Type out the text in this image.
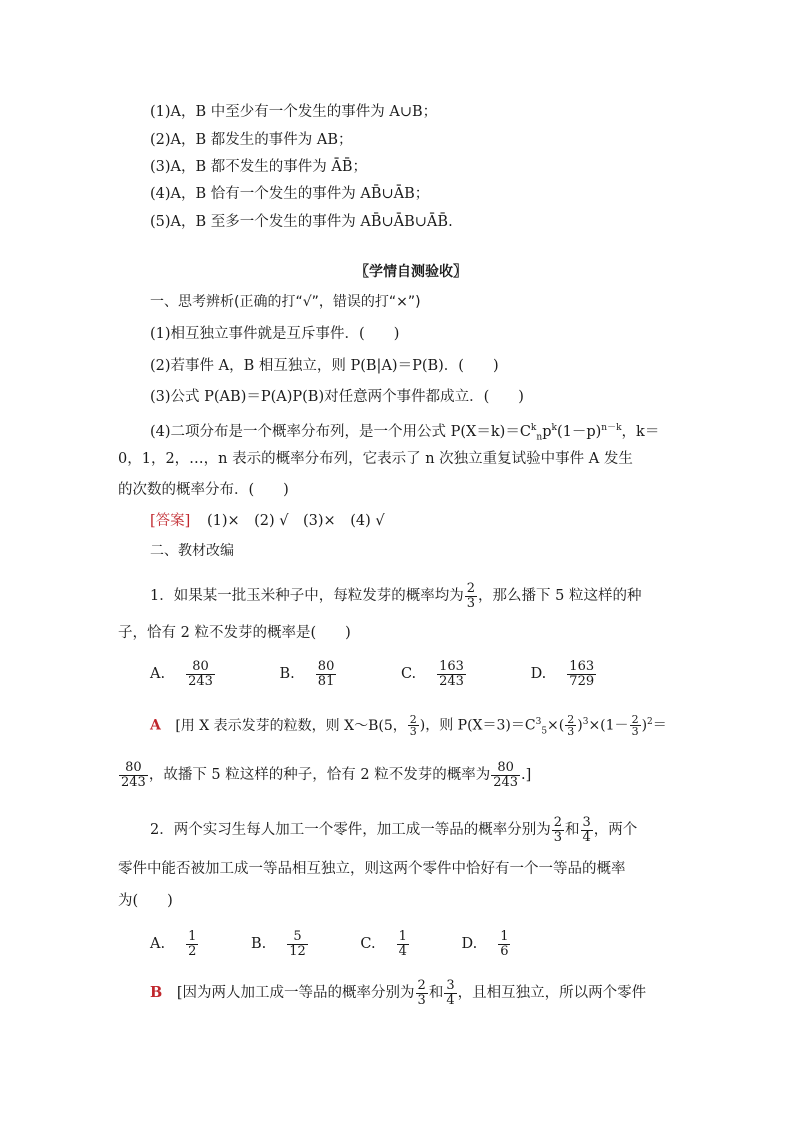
(1)A，B 中至少有一个发生的事件为 A∪B；
(2)A，B 都发生的事件为 AB；
(3)A，B 都不发生的事件为 ĀB̄；
(4)A，B 恰有一个发生的事件为 AB̄∪ĀB；
(5)A，B 至多一个发生的事件为 AB̄∪ĀB∪ĀB̄.
〖学情自测验收〗
一、思考辨析(正确的打“√”，错误的打“×”)
(1)相互独立事件就是互斥事件．(　　)
(2)若事件 A，B 相互独立，则 P(B|A)＝P(B)．(　　)
(3)公式 P(AB)＝P(A)P(B)对任意两个事件都成立．(　　)
(4)二项分布是一个概率分布列，是一个用公式 $P(X=k)=C^k_np^k(1-p)^{n-k}$，k＝
0，1，2，…，n 表示的概率分布列，它表示了 n 次独立重复试验中事件 A 发生
的次数的概率分布．(　　)
[答案] (1)×　(2) √　(3)×　(4) √
二、教材改编
1．如果某一批玉米种子中，每粒发芽的概率均为 $\frac{2}{3}$ ，那么播下 5 粒这样的种
子，恰有 2 粒不发芽的概率是(　　)
A. $\frac{80}{243}$	B. $\frac{80}{81}$	C. $\frac{163}{243}$	D. $\frac{163}{729}$
A [用 X 表示发芽的粒数，则 X～B(5， $\frac{2}{3}$ )，则 $P(X=3)=C^3_5\times( \frac{2}{3} )^3\times(1- \frac{2}{3} )^2=$
$\frac{80}{243}$ ，故播下 5 粒这样的种子，恰有 2 粒不发芽的概率为 $\frac{80}{243}$ .]
2．两个实习生每人加工一个零件，加工成一等品的概率分别为 $\frac{2}{3}$ 和 $\frac{3}{4}$ ，两个
零件中能否被加工成一等品相互独立，则这两个零件中恰好有一个一等品的概率
为(　　)
A. $\frac{1}{2} B$. $\frac{5}{12} C$. $\frac{1}{4} D$. $\frac{1}{6}$
B [因为两人加工成一等品的概率分别为 $\frac{2}{3}$ 和 $\frac{3}{4}$ ，且相互独立，所以两个零件
